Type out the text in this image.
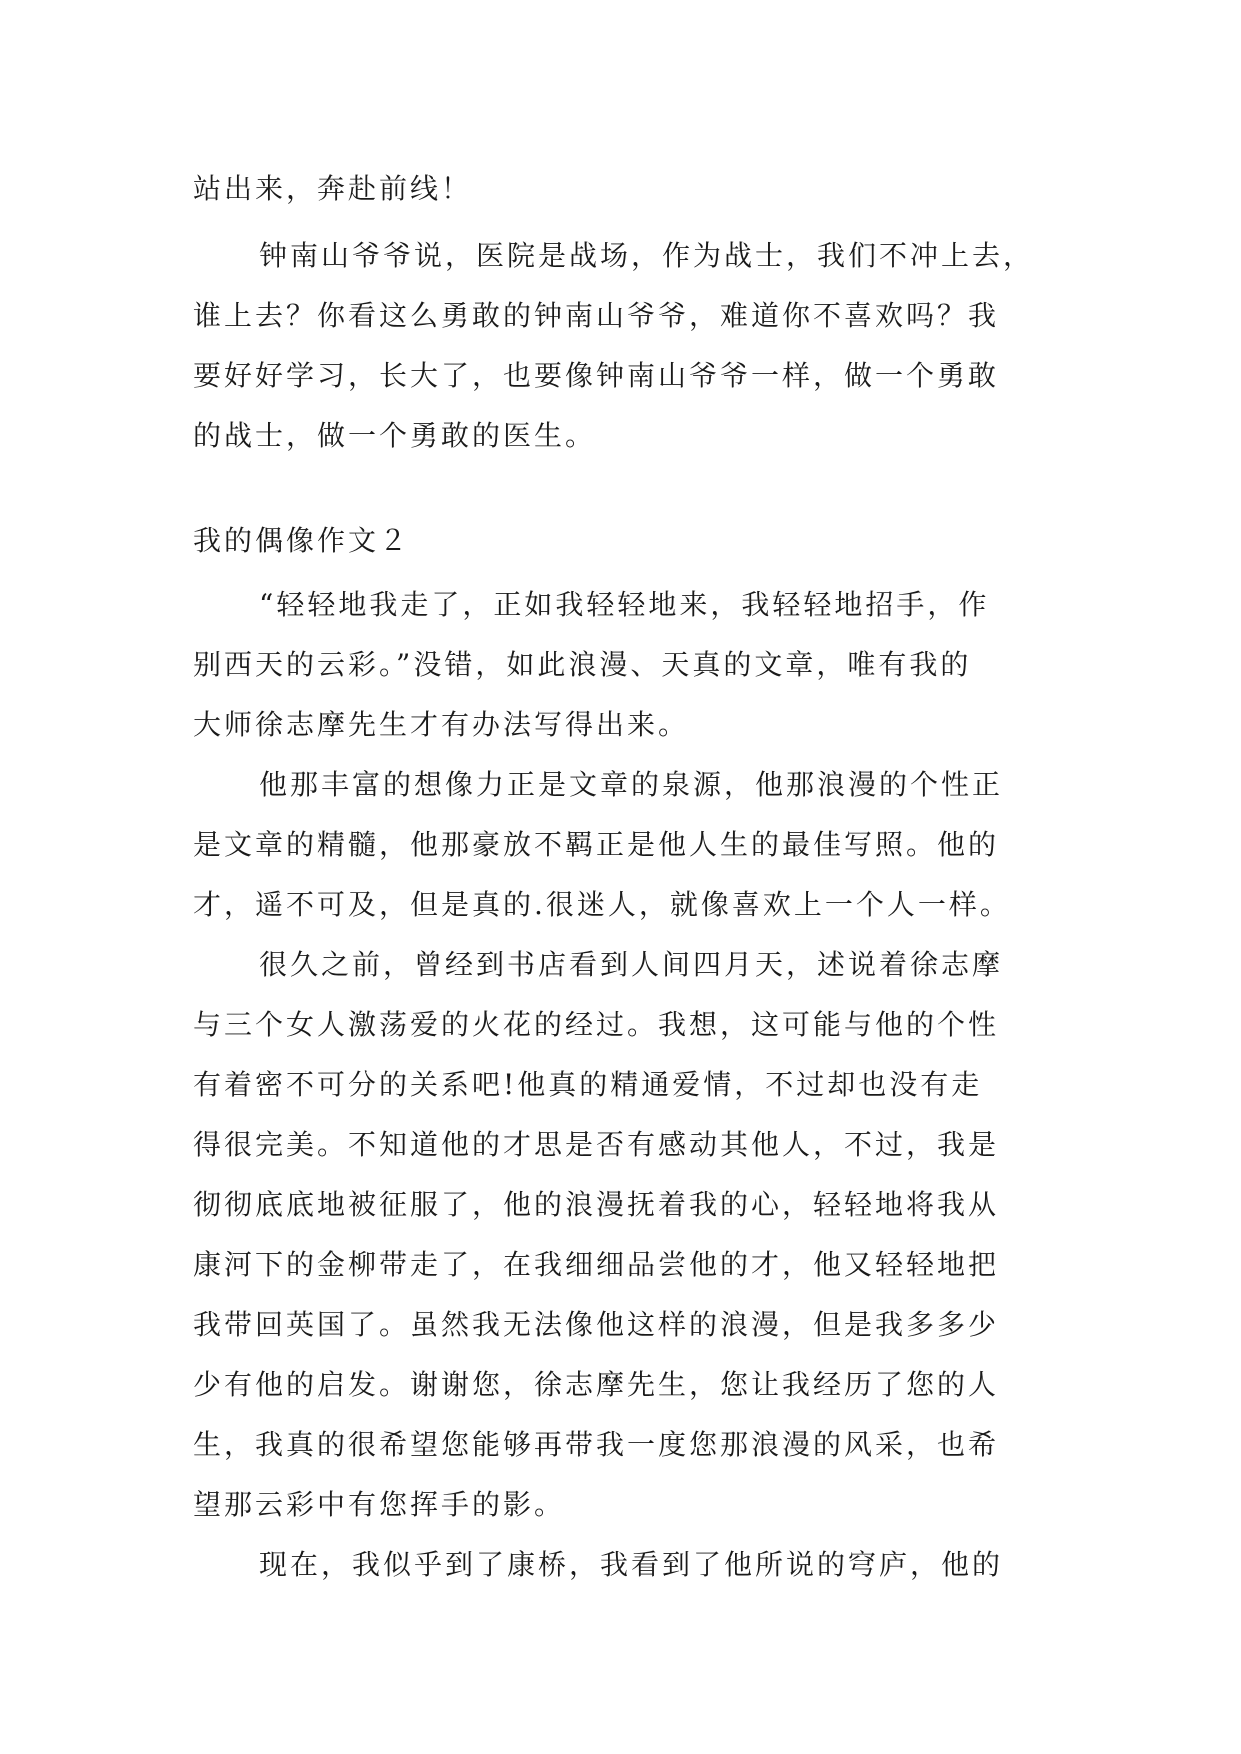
站出来，奔赴前线！
钟南山爷爷说，医院是战场，作为战士，我们不冲上去，
谁上去？你看这么勇敢的钟南山爷爷，难道你不喜欢吗？我
要好好学习，长大了，也要像钟南山爷爷一样，做一个勇敢
的战士，做一个勇敢的医生。
我的偶像作文２
“轻轻地我走了，正如我轻轻地来，我轻轻地招手，作
别西天的云彩。”没错，如此浪漫、天真的文章，唯有我的
大师徐志摩先生才有办法写得出来。
他那丰富的想像力正是文章的泉源，他那浪漫的个性正
是文章的精髓，他那豪放不羁正是他人生的最佳写照。他的
才，遥不可及，但是真的.很迷人，就像喜欢上一个人一样。
很久之前，曾经到书店看到人间四月天，述说着徐志摩
与三个女人激荡爱的火花的经过。我想，这可能与他的个性
有着密不可分的关系吧!他真的精通爱情，不过却也没有走
得很完美。不知道他的才思是否有感动其他人，不过，我是
彻彻底底地被征服了，他的浪漫抚着我的心，轻轻地将我从
康河下的金柳带走了，在我细细品尝他的才，他又轻轻地把
我带回英国了。虽然我无法像他这样的浪漫，但是我多多少
少有他的启发。谢谢您，徐志摩先生，您让我经历了您的人
生，我真的很希望您能够再带我一度您那浪漫的风采，也希
望那云彩中有您挥手的影。
现在，我似乎到了康桥，我看到了他所说的穹庐，他的
